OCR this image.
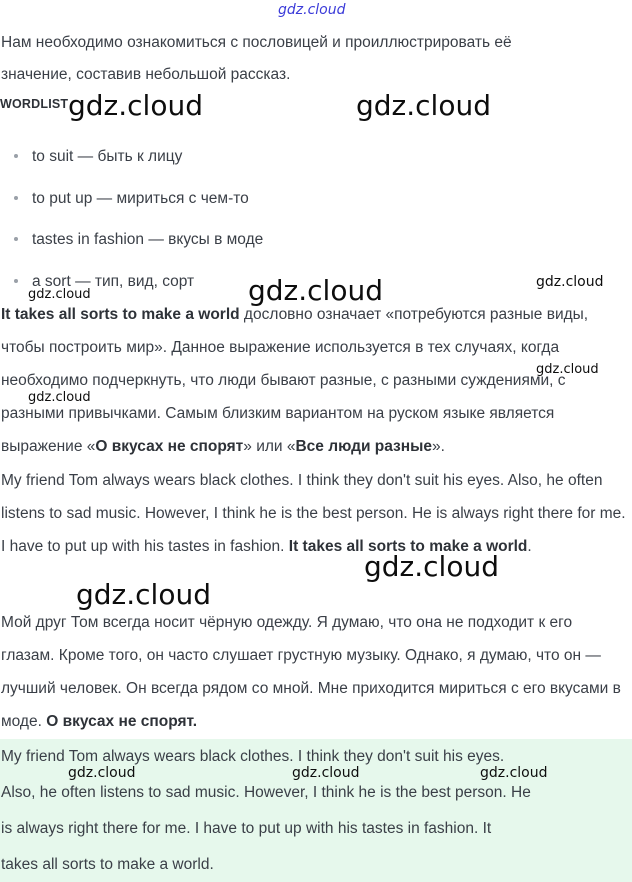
Нам необходимо ознакомиться с пословицей и проиллюстрировать её
значение, составив небольшой рассказ.
WORDLIST
to suit — быть к лицу
to put up — мириться с чем-то
tastes in fashion — вкусы в моде
a sort — тип, вид, сорт
It takes all sorts to make a world дословно означает «потребуются разные виды, чтобы построить мир». Данное выражение используется в тех случаях, когда необходимо подчеркнуть, что люди бывают разные, с разными суждениями, с разными привычками. Самым близким вариантом на руском языке является выражение «О вкусах не спорят» или «Все люди разные».
My friend Tom always wears black clothes. I think they don't suit his eyes. Also, he often listens to sad music. However, I think he is the best person. He is always right there for me. I have to put up with his tastes in fashion. It takes all sorts to make a world.
Мой друг Том всегда носит чёрную одежду. Я думаю, что она не подходит к его глазам. Кроме того, он часто слушает грустную музыку. Однако, я думаю, что он — лучший человек. Он всегда рядом со мной. Мне приходится мириться с его вкусами в моде. О вкусах не спорят.
My friend Tom always wears black clothes. I think they don't suit his eyes.
Also, he often listens to sad music. However, I think he is the best person. He
is always right there for me. I have to put up with his tastes in fashion. It
takes all sorts to make a world.
gdz.cloud
gdz.cloud	gdz.cloud
gdz.cloud
gdz.cloud
gdz.cloud
gdz.cloud
gdz.cloud
gdz.cloud
gdz.cloud
gdz.cloud	gdz.cloud	gdz.cloud
